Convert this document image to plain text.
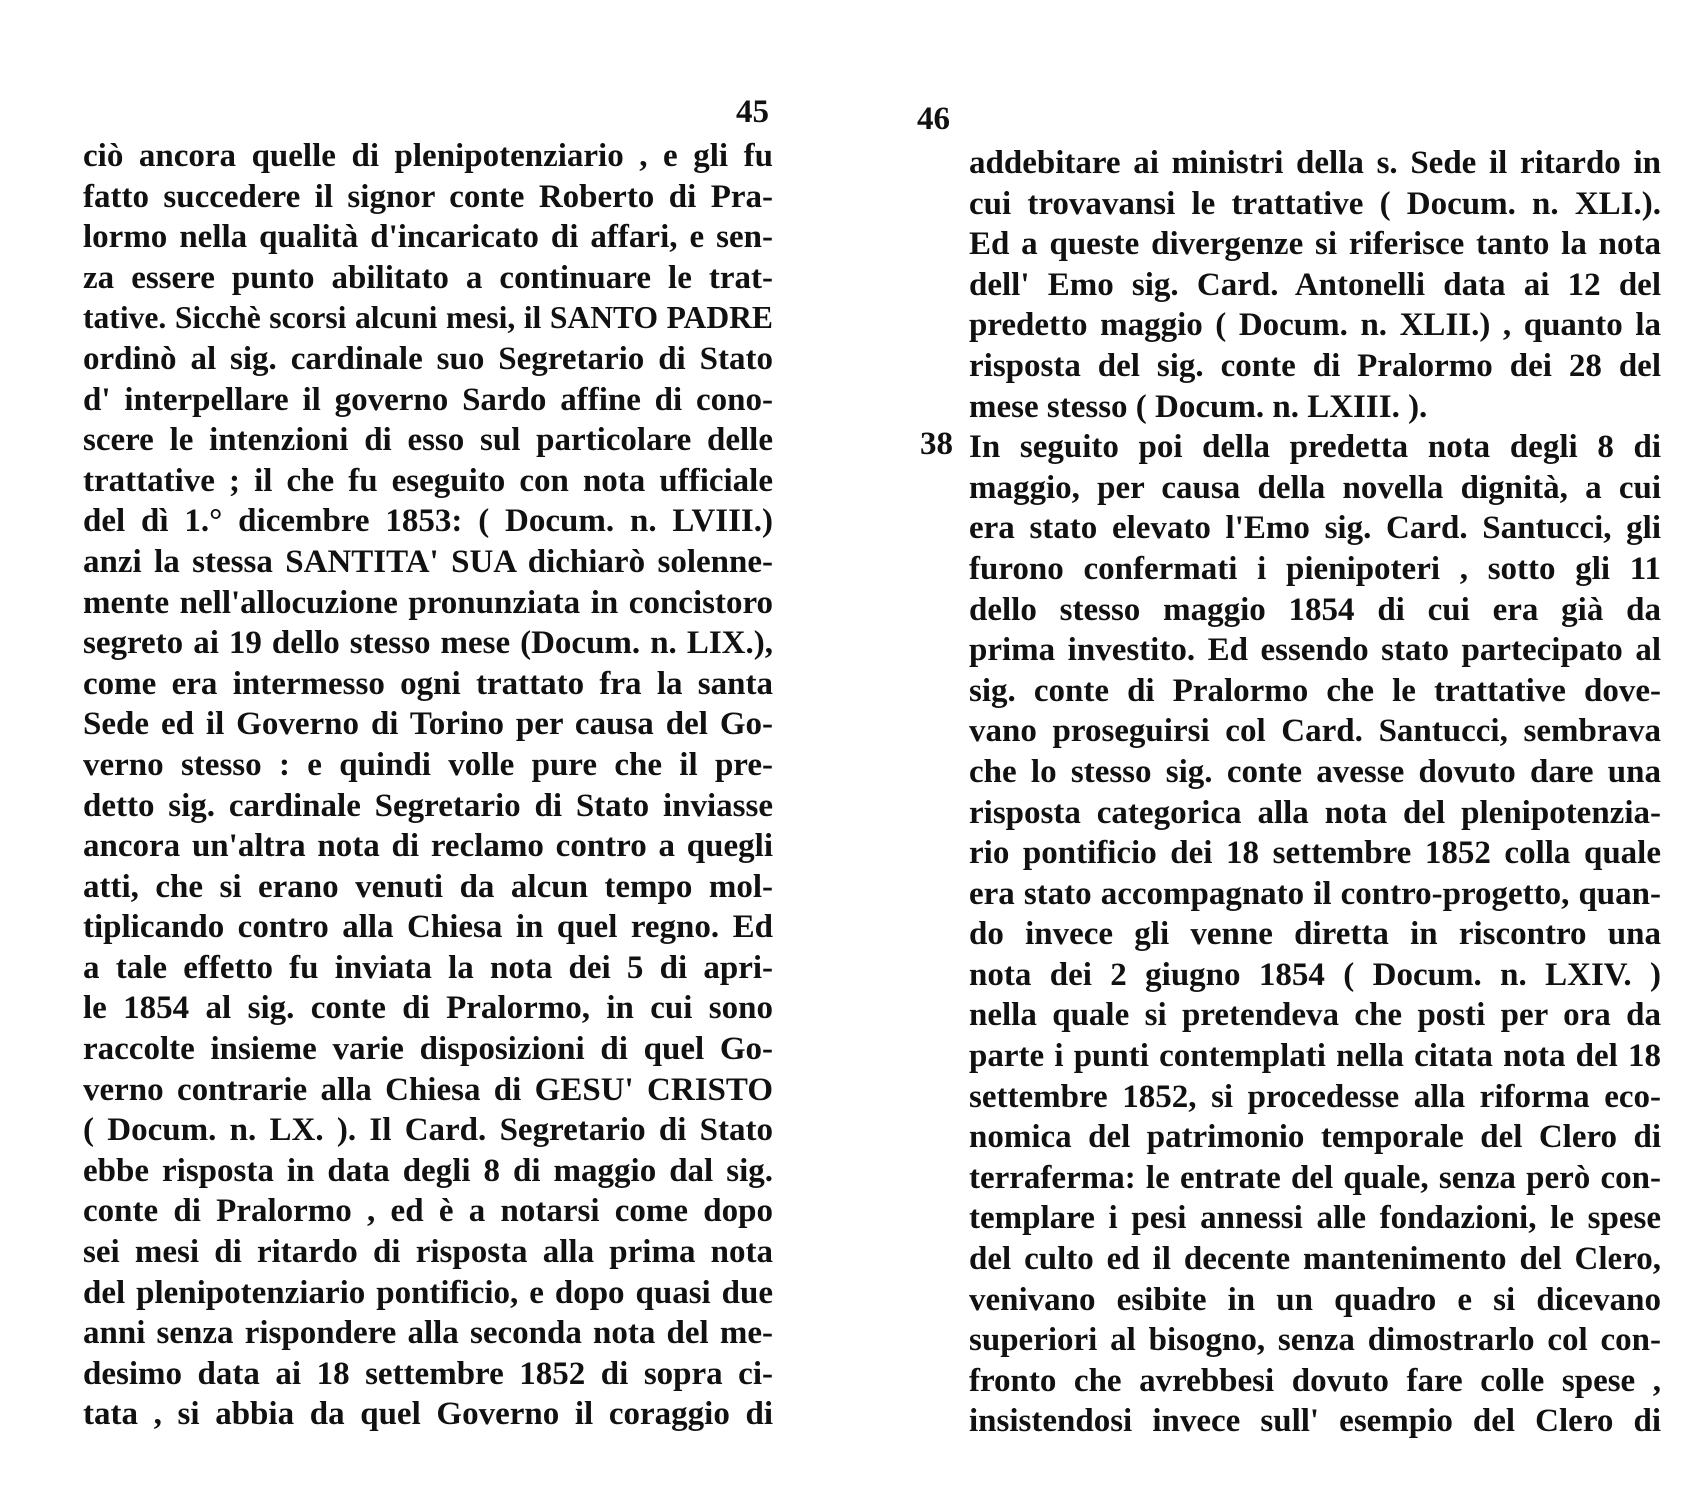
45
ciò ancora quelle di plenipotenziario , e gli fu
fatto succedere il signor conte Roberto di Pra-
lormo nella qualità d'incaricato di affari, e sen-
za essere punto abilitato a continuare le trat-
tative. Sicchè scorsi alcuni mesi, il SANTO PADRE
ordinò al sig. cardinale suo Segretario di Stato
d' interpellare il governo Sardo affine di cono-
scere le intenzioni di esso sul particolare delle
trattative ; il che fu eseguito con nota ufficiale
del dì 1.° dicembre 1853: ( Docum. n. LVIII.)
anzi la stessa SANTITA' SUA dichiarò solenne-
mente nell'allocuzione pronunziata in concistoro
segreto ai 19 dello stesso mese (Docum. n. LIX.),
come era intermesso ogni trattato fra la santa
Sede ed il Governo di Torino per causa del Go-
verno stesso : e quindi volle pure che il pre-
detto sig. cardinale Segretario di Stato inviasse
ancora un'altra nota di reclamo contro a quegli
atti, che si erano venuti da alcun tempo mol-
tiplicando contro alla Chiesa in quel regno. Ed
a tale effetto fu inviata la nota dei 5 di apri-
le 1854 al sig. conte di Pralormo, in cui sono
raccolte insieme varie disposizioni di quel Go-
verno contrarie alla Chiesa di GESU' CRISTO
( Docum. n. LX. ). Il Card. Segretario di Stato
ebbe risposta in data degli 8 di maggio dal sig.
conte di Pralormo , ed è a notarsi come dopo
sei mesi di ritardo di risposta alla prima nota
del plenipotenziario pontificio, e dopo quasi due
anni senza rispondere alla seconda nota del me-
desimo data ai 18 settembre 1852 di sopra ci-
tata , si abbia da quel Governo il coraggio di
46
38
addebitare ai ministri della s. Sede il ritardo in
cui trovavansi le trattative ( Docum. n. XLI.).
Ed a queste divergenze si riferisce tanto la nota
dell' Emo sig. Card. Antonelli data ai 12 del
predetto maggio ( Docum. n. XLII.) , quanto la
risposta del sig. conte di Pralormo dei 28 del
mese stesso ( Docum. n. LXIII. ).
In seguito poi della predetta nota degli 8 di
maggio, per causa della novella dignità, a cui
era stato elevato l'Emo sig. Card. Santucci, gli
furono confermati i pienipoteri , sotto gli 11
dello stesso maggio 1854 di cui era già da
prima investito. Ed essendo stato partecipato al
sig. conte di Pralormo che le trattative dove-
vano proseguirsi col Card. Santucci, sembrava
che lo stesso sig. conte avesse dovuto dare una
risposta categorica alla nota del plenipotenzia-
rio pontificio dei 18 settembre 1852 colla quale
era stato accompagnato il contro-progetto, quan-
do invece gli venne diretta in riscontro una
nota dei 2 giugno 1854 ( Docum. n. LXIV. )
nella quale si pretendeva che posti per ora da
parte i punti contemplati nella citata nota del 18
settembre 1852, si procedesse alla riforma eco-
nomica del patrimonio temporale del Clero di
terraferma: le entrate del quale, senza però con-
templare i pesi annessi alle fondazioni, le spese
del culto ed il decente mantenimento del Clero,
venivano esibite in un quadro e si dicevano
superiori al bisogno, senza dimostrarlo col con-
fronto che avrebbesi dovuto fare colle spese ,
insistendosi invece sull' esempio del Clero di
